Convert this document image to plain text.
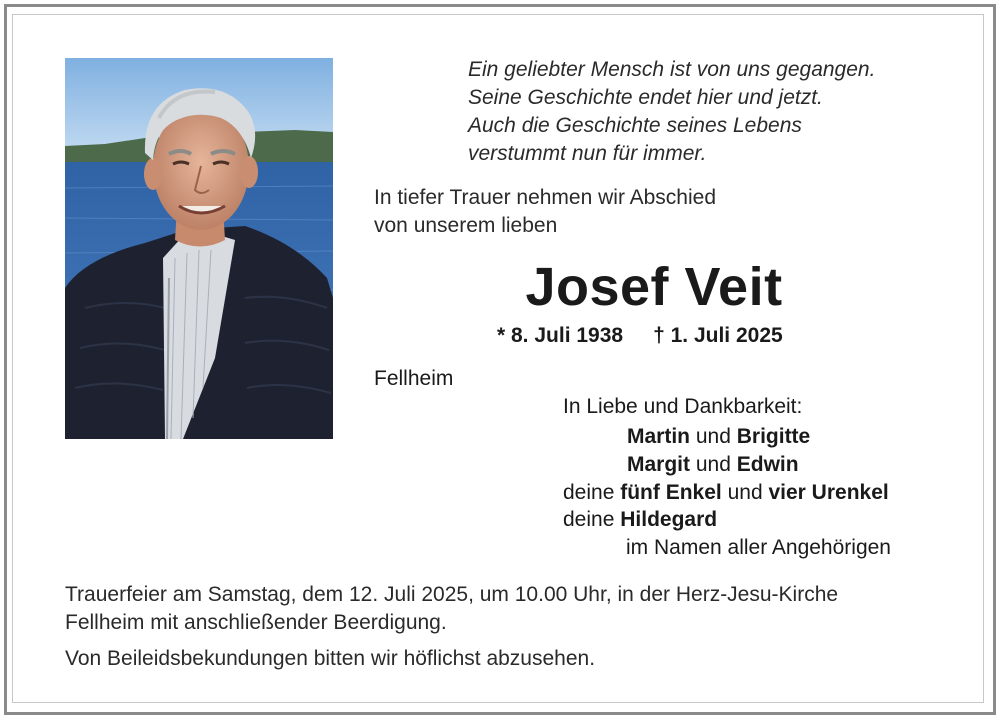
Ein geliebter Mensch ist von uns gegangen.
Seine Geschichte endet hier und jetzt.
Auch die Geschichte seines Lebens
verstummt nun für immer.
In tiefer Trauer nehmen wir Abschied
von unserem lieben
Josef Veit
* 8. Juli 1938 † 1. Juli 2025
Fellheim
In Liebe und Dankbarkeit:
Martin und Brigitte
Margit und Edwin
deine fünf Enkel und vier Urenkel
deine Hildegard
im Namen aller Angehörigen
Trauerfeier am Samstag, dem 12. Juli 2025, um 10.00 Uhr, in der Herz-Jesu-Kirche
Fellheim mit anschließender Beerdigung.
Von Beileidsbekundungen bitten wir höflichst abzusehen.
